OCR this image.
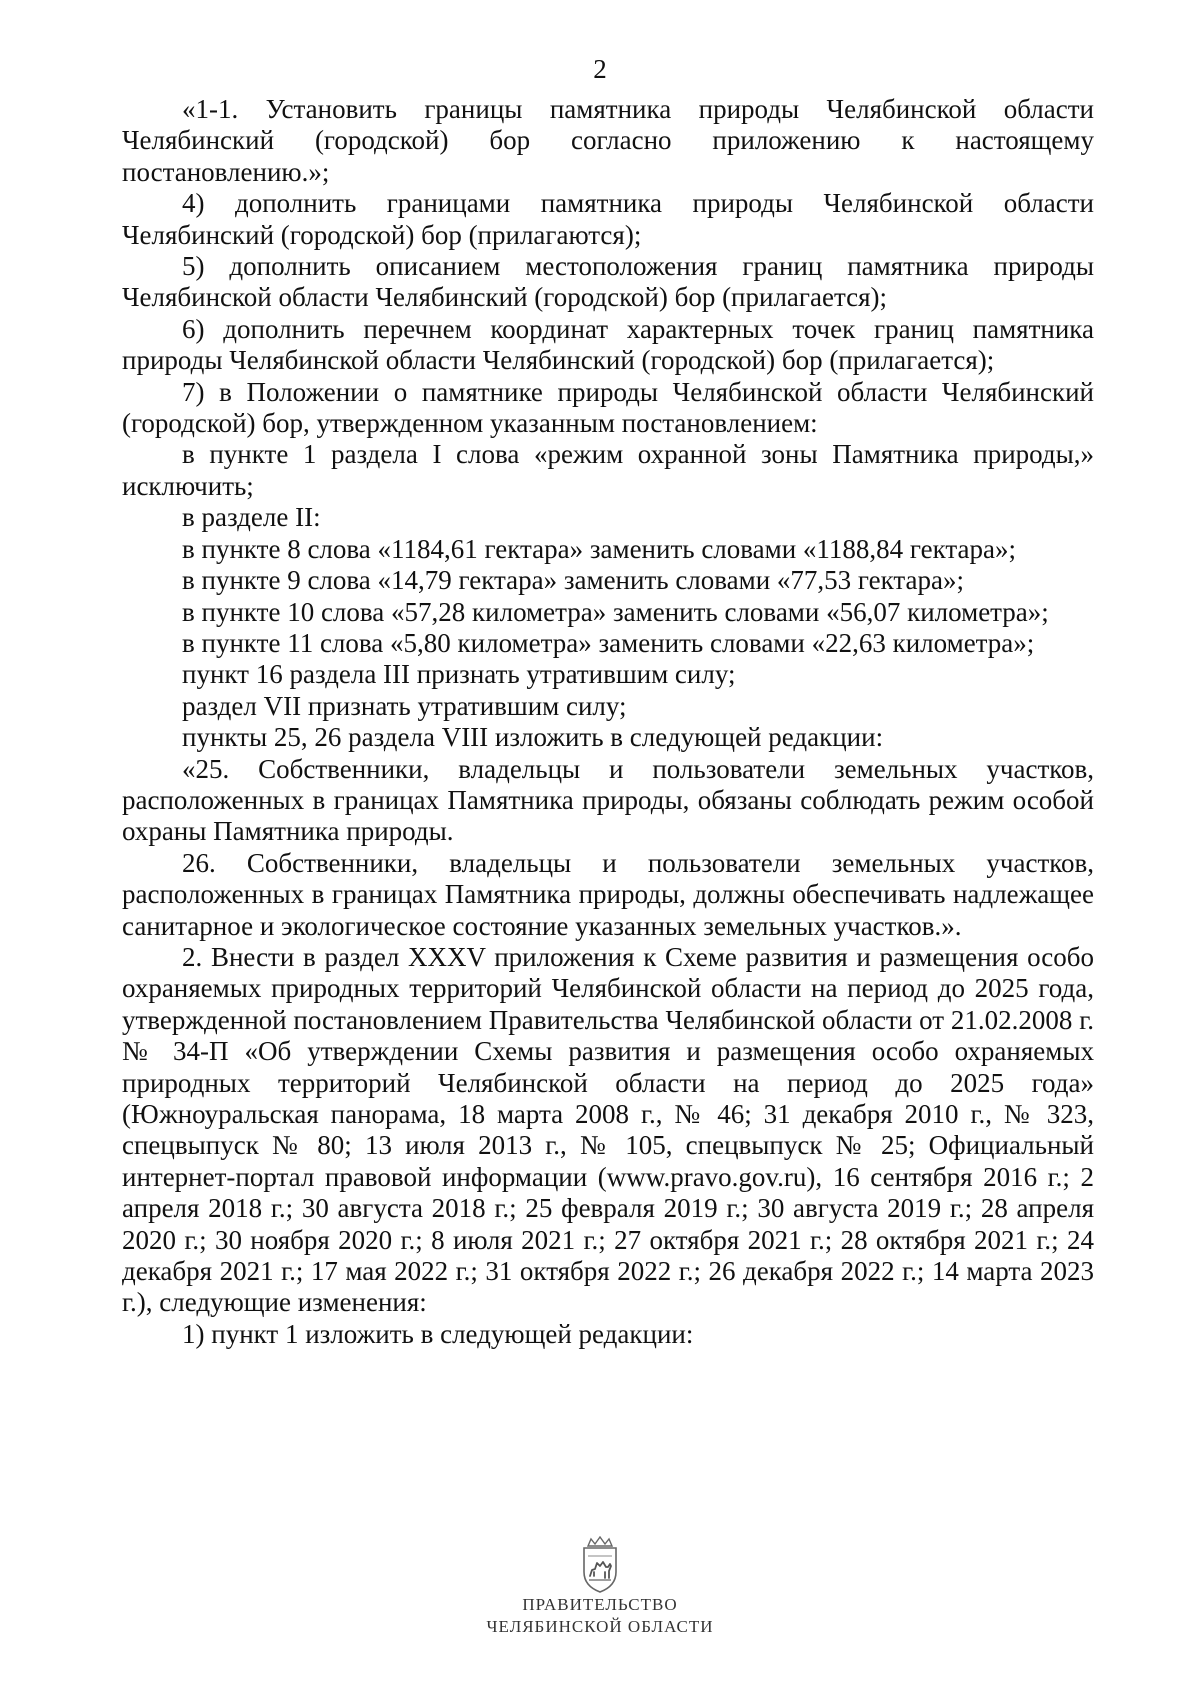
2

«1-1. Установить границы памятника природы Челябинской области Челябинский (городской) бор согласно приложению к настоящему постановлению.»;

4) дополнить границами памятника природы Челябинской области Челябинский (городской) бор (прилагаются);

5) дополнить описанием местоположения границ памятника природы Челябинской области Челябинский (городской) бор (прилагается);

6) дополнить перечнем координат характерных точек границ памятника природы Челябинской области Челябинский (городской) бор (прилагается);

7) в Положении о памятнике природы Челябинской области Челябинский (городской) бор, утвержденном указанным постановлением:

в пункте 1 раздела I слова «режим охранной зоны Памятника природы,» исключить;

в разделе II:

в пункте 8 слова «1184,61 гектара» заменить словами «1188,84 гектара»;

в пункте 9 слова «14,79 гектара» заменить словами «77,53 гектара»;

в пункте 10 слова «57,28 километра» заменить словами «56,07 километра»;

в пункте 11 слова «5,80 километра» заменить словами «22,63 километра»;

пункт 16 раздела III признать утратившим силу;

раздел VII признать утратившим силу;

пункты 25, 26 раздела VIII изложить в следующей редакции:

«25. Собственники, владельцы и пользователи земельных участков, расположенных в границах Памятника природы, обязаны соблюдать режим особой охраны Памятника природы.

26. Собственники, владельцы и пользователи земельных участков, расположенных в границах Памятника природы, должны обеспечивать надлежащее санитарное и экологическое состояние указанных земельных участков.».

2. Внести в раздел XXXV приложения к Схеме развития и размещения особо охраняемых природных территорий Челябинской области на период до 2025 года, утвержденной постановлением Правительства Челябинской области от 21.02.2008 г. № 34-П «Об утверждении Схемы развития и размещения особо охраняемых природных территорий Челябинской области на период до 2025 года» (Южноуральская панорама, 18 марта 2008 г., № 46; 31 декабря 2010 г., № 323, спецвыпуск № 80; 13 июля 2013 г., № 105, спецвыпуск № 25; Официальный интернет-портал правовой информации (www.pravo.gov.ru), 16 сентября 2016 г.; 2 апреля 2018 г.; 30 августа 2018 г.; 25 февраля 2019 г.; 30 августа 2019 г.; 28 апреля 2020 г.; 30 ноября 2020 г.; 8 июля 2021 г.; 27 октября 2021 г.; 28 октября 2021 г.; 24 декабря 2021 г.; 17 мая 2022 г.; 31 октября 2022 г.; 26 декабря 2022 г.; 14 марта 2023 г.), следующие изменения:

1) пункт 1 изложить в следующей редакции:

ПРАВИТЕЛЬСТВО
ЧЕЛЯБИНСКОЙ ОБЛАСТИ
